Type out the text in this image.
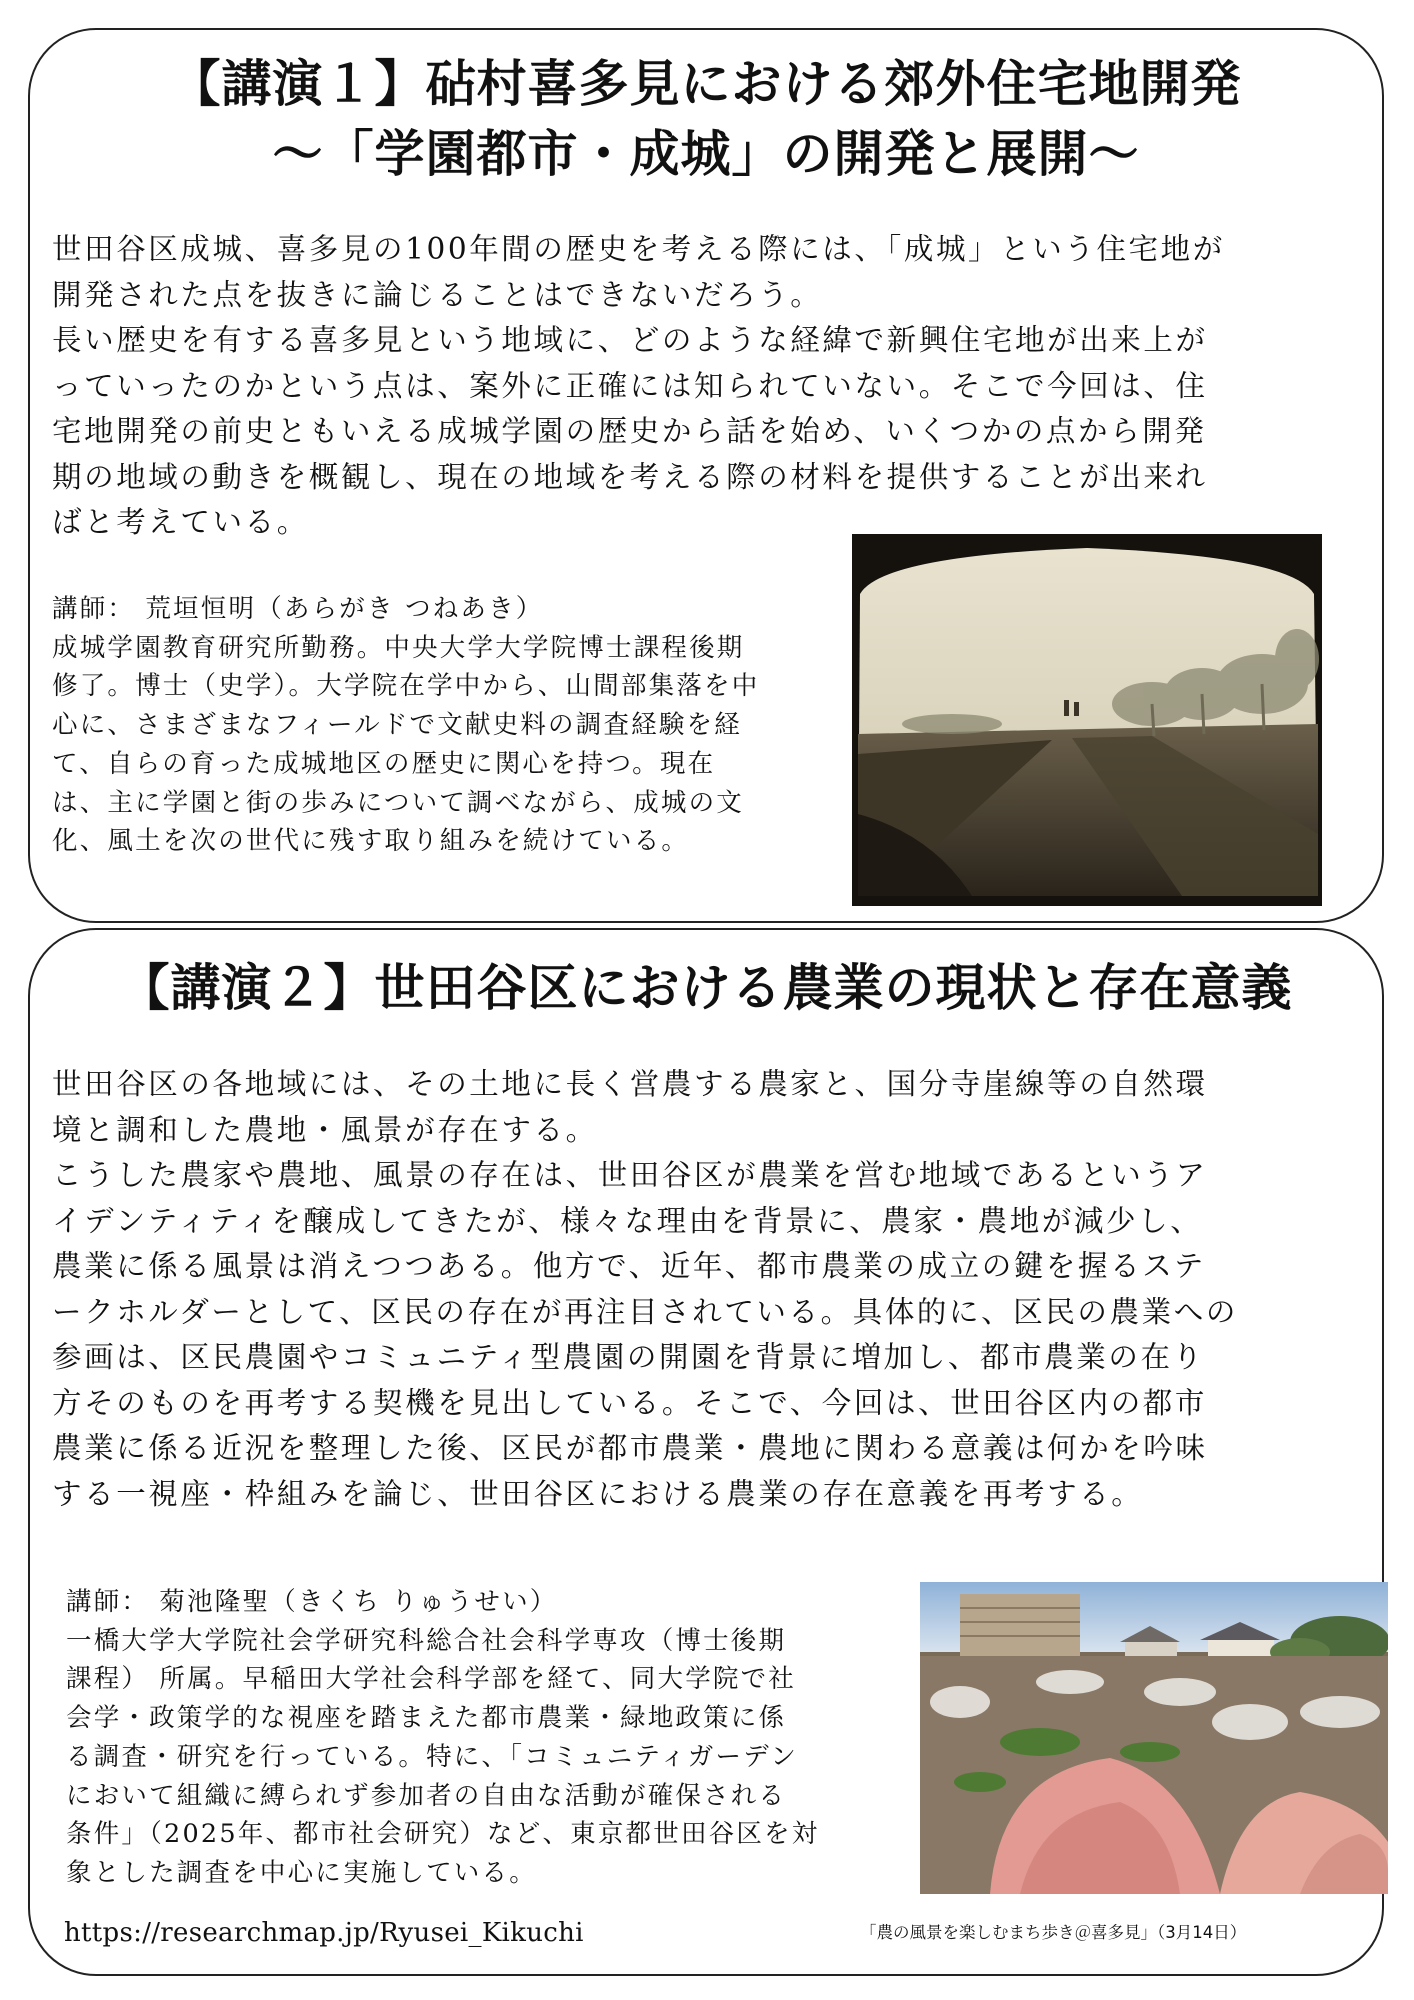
【講演１】砧村喜多見における郊外住宅地開発
～「学園都市・成城」の開発と展開～
世田谷区成城、喜多見の100年間の歴史を考える際には、「成城」という住宅地が
開発された点を抜きに論じることはできないだろう。
長い歴史を有する喜多見という地域に、どのような経緯で新興住宅地が出来上が
っていったのかという点は、案外に正確には知られていない。そこで今回は、住
宅地開発の前史ともいえる成城学園の歴史から話を始め、いくつかの点から開発
期の地域の動きを概観し、現在の地域を考える際の材料を提供することが出来れ
ばと考えている。
講師： 荒垣恒明（あらがき つねあき）
成城学園教育研究所勤務。中央大学大学院博士課程後期
修了。博士（史学）。大学院在学中から、山間部集落を中
心に、さまざまなフィールドで文献史料の調査経験を経
て、自らの育った成城地区の歴史に関心を持つ。現在
は、主に学園と街の歩みについて調べながら、成城の文
化、風土を次の世代に残す取り組みを続けている。
【講演２】世田谷区における農業の現状と存在意義
世田谷区の各地域には、その土地に長く営農する農家と、国分寺崖線等の自然環
境と調和した農地・風景が存在する。
こうした農家や農地、風景の存在は、世田谷区が農業を営む地域であるというア
イデンティティを醸成してきたが、様々な理由を背景に、農家・農地が減少し、
農業に係る風景は消えつつある。他方で、近年、都市農業の成立の鍵を握るステ
ークホルダーとして、区民の存在が再注目されている。具体的に、区民の農業への
参画は、区民農園やコミュニティ型農園の開園を背景に増加し、都市農業の在り
方そのものを再考する契機を見出している。そこで、今回は、世田谷区内の都市
農業に係る近況を整理した後、区民が都市農業・農地に関わる意義は何かを吟味
する一視座・枠組みを論じ、世田谷区における農業の存在意義を再考する。
講師： 菊池隆聖（きくち りゅうせい）
一橋大学大学院社会学研究科総合社会科学専攻（博士後期
課程） 所属。早稲田大学社会科学部を経て、同大学院で社
会学・政策学的な視座を踏まえた都市農業・緑地政策に係
る調査・研究を行っている。特に、「コミュニティガーデン
において組織に縛られず参加者の自由な活動が確保される
条件」（2025年、都市社会研究）など、東京都世田谷区を対
象とした調査を中心に実施している。
https://researchmap.jp/Ryusei_Kikuchi	「農の風景を楽しむまち歩き＠喜多見」（3月14日）
